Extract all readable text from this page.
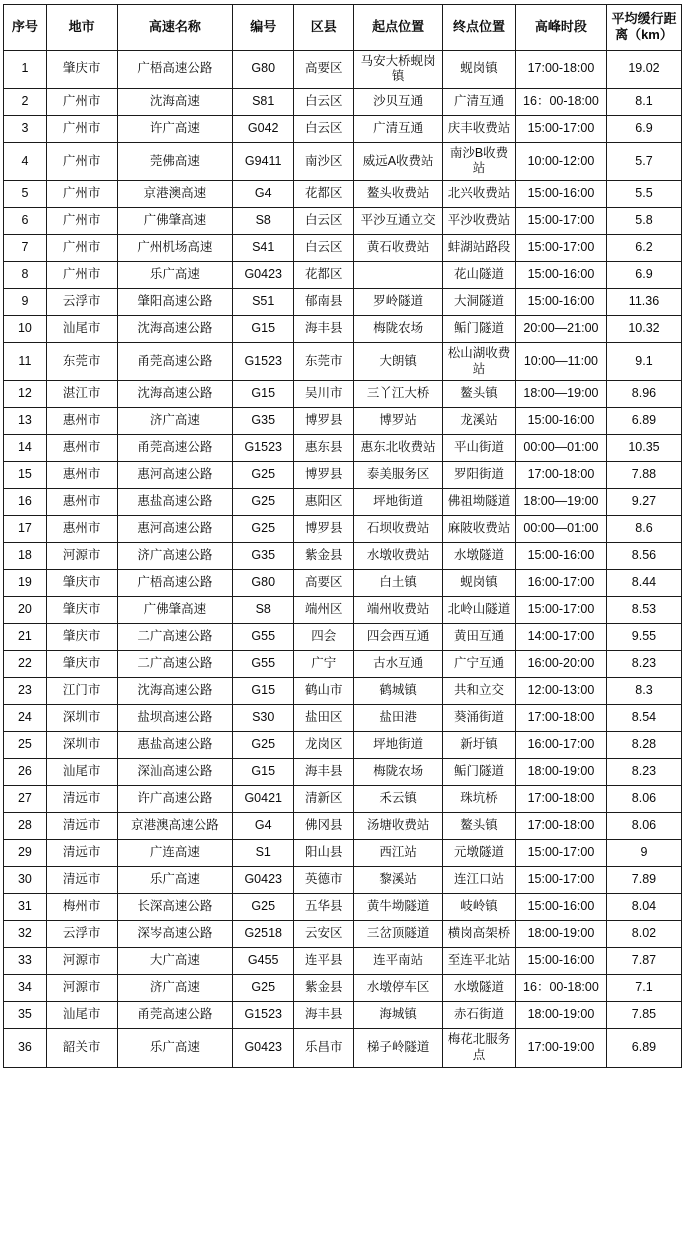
序号	地市	高速名称	编号	区县	起点位置	终点位置	高峰时段	平均缓行距离（km）
1	肇庆市	广梧高速公路	G80	高要区	马安大桥蚬岗镇	蚬岗镇	17:00-18:00	19.02
2	广州市	沈海高速	S81	白云区	沙贝互通	广清互通	16：00-18:00	8.1
3	广州市	许广高速	G042	白云区	广清互通	庆丰收费站	15:00-17:00	6.9
4	广州市	莞佛高速	G9411	南沙区	威远A收费站	南沙B收费站	10:00-12:00	5.7
5	广州市	京港澳高速	G4	花都区	鳌头收费站	北兴收费站	15:00-16:00	5.5
6	广州市	广佛肇高速	S8	白云区	平沙互通立交	平沙收费站	15:00-17:00	5.8
7	广州市	广州机场高速	S41	白云区	黄石收费站	蚌湖站路段	15:00-17:00	6.2
8	广州市	乐广高速	G0423	花都区		花山隧道	15:00-16:00	6.9
9	云浮市	肇阳高速公路	S51	郁南县	罗岭隧道	大洞隧道	15:00-16:00	11.36
10	汕尾市	沈海高速公路	G15	海丰县	梅陇农场	鲘门隧道	20:00—21:00	10.32
11	东莞市	甬莞高速公路	G1523	东莞市	大朗镇	松山湖收费站	10:00—11:00	9.1
12	湛江市	沈海高速公路	G15	吴川市	三丫江大桥	鳌头镇	18:00—19:00	8.96
13	惠州市	济广高速	G35	博罗县	博罗站	龙溪站	15:00-16:00	6.89
14	惠州市	甬莞高速公路	G1523	惠东县	惠东北收费站	平山街道	00:00—01:00	10.35
15	惠州市	惠河高速公路	G25	博罗县	泰美服务区	罗阳街道	17:00-18:00	7.88
16	惠州市	惠盐高速公路	G25	惠阳区	坪地街道	佛祖坳隧道	18:00—19:00	9.27
17	惠州市	惠河高速公路	G25	博罗县	石坝收费站	麻陂收费站	00:00—01:00	8.6
18	河源市	济广高速公路	G35	紫金县	水墩收费站	水墩隧道	15:00-16:00	8.56
19	肇庆市	广梧高速公路	G80	高要区	白土镇	蚬岗镇	16:00-17:00	8.44
20	肇庆市	广佛肇高速	S8	端州区	端州收费站	北岭山隧道	15:00-17:00	8.53
21	肇庆市	二广高速公路	G55	四会	四会西互通	黄田互通	14:00-17:00	9.55
22	肇庆市	二广高速公路	G55	广宁	古水互通	广宁互通	16:00-20:00	8.23
23	江门市	沈海高速公路	G15	鹤山市	鹤城镇	共和立交	12:00-13:00	8.3
24	深圳市	盐坝高速公路	S30	盐田区	盐田港	葵涌街道	17:00-18:00	8.54
25	深圳市	惠盐高速公路	G25	龙岗区	坪地街道	新圩镇	16:00-17:00	8.28
26	汕尾市	深汕高速公路	G15	海丰县	梅陇农场	鲘门隧道	18:00-19:00	8.23
27	清远市	许广高速公路	G0421	清新区	禾云镇	珠坑桥	17:00-18:00	8.06
28	清远市	京港澳高速公路	G4	佛冈县	汤塘收费站	鳌头镇	17:00-18:00	8.06
29	清远市	广连高速	S1	阳山县	西江站	元墩隧道	15:00-17:00	9
30	清远市	乐广高速	G0423	英德市	黎溪站	连江口站	15:00-17:00	7.89
31	梅州市	长深高速公路	G25	五华县	黄牛坳隧道	岐岭镇	15:00-16:00	8.04
32	云浮市	深岑高速公路	G2518	云安区	三岔顶隧道	横岗高架桥	18:00-19:00	8.02
33	河源市	大广高速	G455	连平县	连平南站	至连平北站	15:00-16:00	7.87
34	河源市	济广高速	G25	紫金县	水墩停车区	水墩隧道	16：00-18:00	7.1
35	汕尾市	甬莞高速公路	G1523	海丰县	海城镇	赤石街道	18:00-19:00	7.85
36	韶关市	乐广高速	G0423	乐昌市	梯子岭隧道	梅花北服务点	17:00-19:00	6.89
